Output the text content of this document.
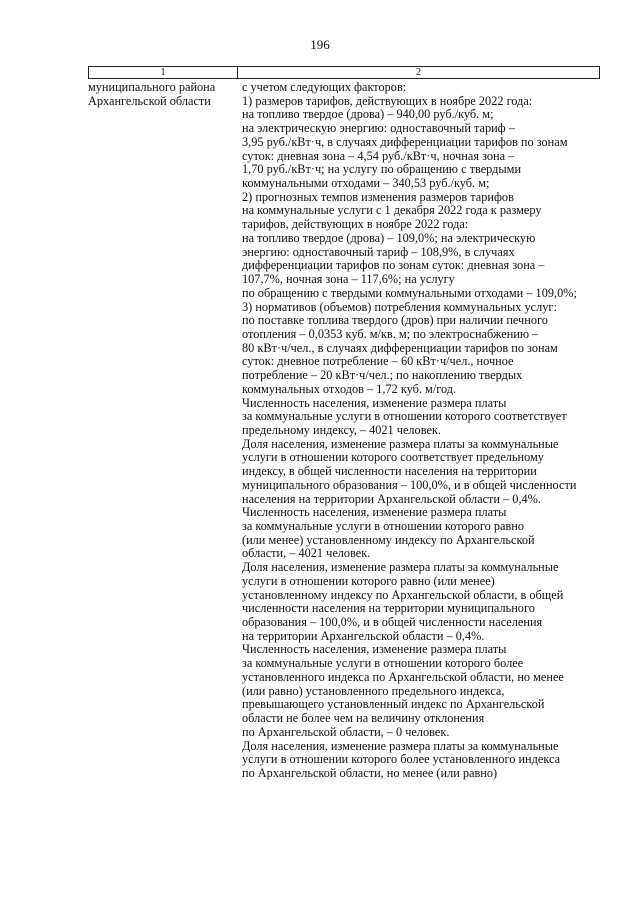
196
1	2
муниципального района
Архангельской области
с учетом следующих факторов:
1) размеров тарифов, действующих в ноябре 2022 года:
на топливо твердое (дрова) – 940,00 руб./куб. м;
на электрическую энергию: одноставочный тариф –
3,95 руб./кВт·ч, в случаях дифференциации тарифов по зонам
суток: дневная зона – 4,54 руб./кВт·ч, ночная зона –
1,70 руб./кВт·ч; на услугу по обращению с твердыми
коммунальными отходами – 340,53 руб./куб. м;
2) прогнозных темпов изменения размеров тарифов
на коммунальные услуги с 1 декабря 2022 года к размеру
тарифов, действующих в ноябре 2022 года:
на топливо твердое (дрова) – 109,0%; на электрическую
энергию: одноставочный тариф – 108,9%, в случаях
дифференциации тарифов по зонам суток: дневная зона –
107,7%, ночная зона – 117,6%; на услугу
по обращению с твердыми коммунальными отходами – 109,0%;
3) нормативов (объемов) потребления коммунальных услуг:
по поставке топлива твердого (дров) при наличии печного
отопления – 0,0353 куб. м/кв. м; по электроснабжению –
80 кВт·ч/чел., в случаях дифференциации тарифов по зонам
суток: дневное потребление – 60 кВт·ч/чел., ночное
потребление – 20 кВт·ч/чел.; по накоплению твердых
коммунальных отходов – 1,72 куб. м/год.
Численность населения, изменение размера платы
за коммунальные услуги в отношении которого соответствует
предельному индексу, – 4021 человек.
Доля населения, изменение размера платы за коммунальные
услуги в отношении которого соответствует предельному
индексу, в общей численности населения на территории
муниципального образования – 100,0%, и в общей численности
населения на территории Архангельской области – 0,4%.
Численность населения, изменение размера платы
за коммунальные услуги в отношении которого равно
(или менее) установленному индексу по Архангельской
области, – 4021 человек.
Доля населения, изменение размера платы за коммунальные
услуги в отношении которого равно (или менее)
установленному индексу по Архангельской области, в общей
численности населения на территории муниципального
образования – 100,0%, и в общей численности населения
на территории Архангельской области – 0,4%.
Численность населения, изменение размера платы
за коммунальные услуги в отношении которого более
установленного индекса по Архангельской области, но менее
(или равно) установленного предельного индекса,
превышающего установленный индекс по Архангельской
области не более чем на величину отклонения
по Архангельской области, – 0 человек.
Доля населения, изменение размера платы за коммунальные
услуги в отношении которого более установленного индекса
по Архангельской области, но менее (или равно)
